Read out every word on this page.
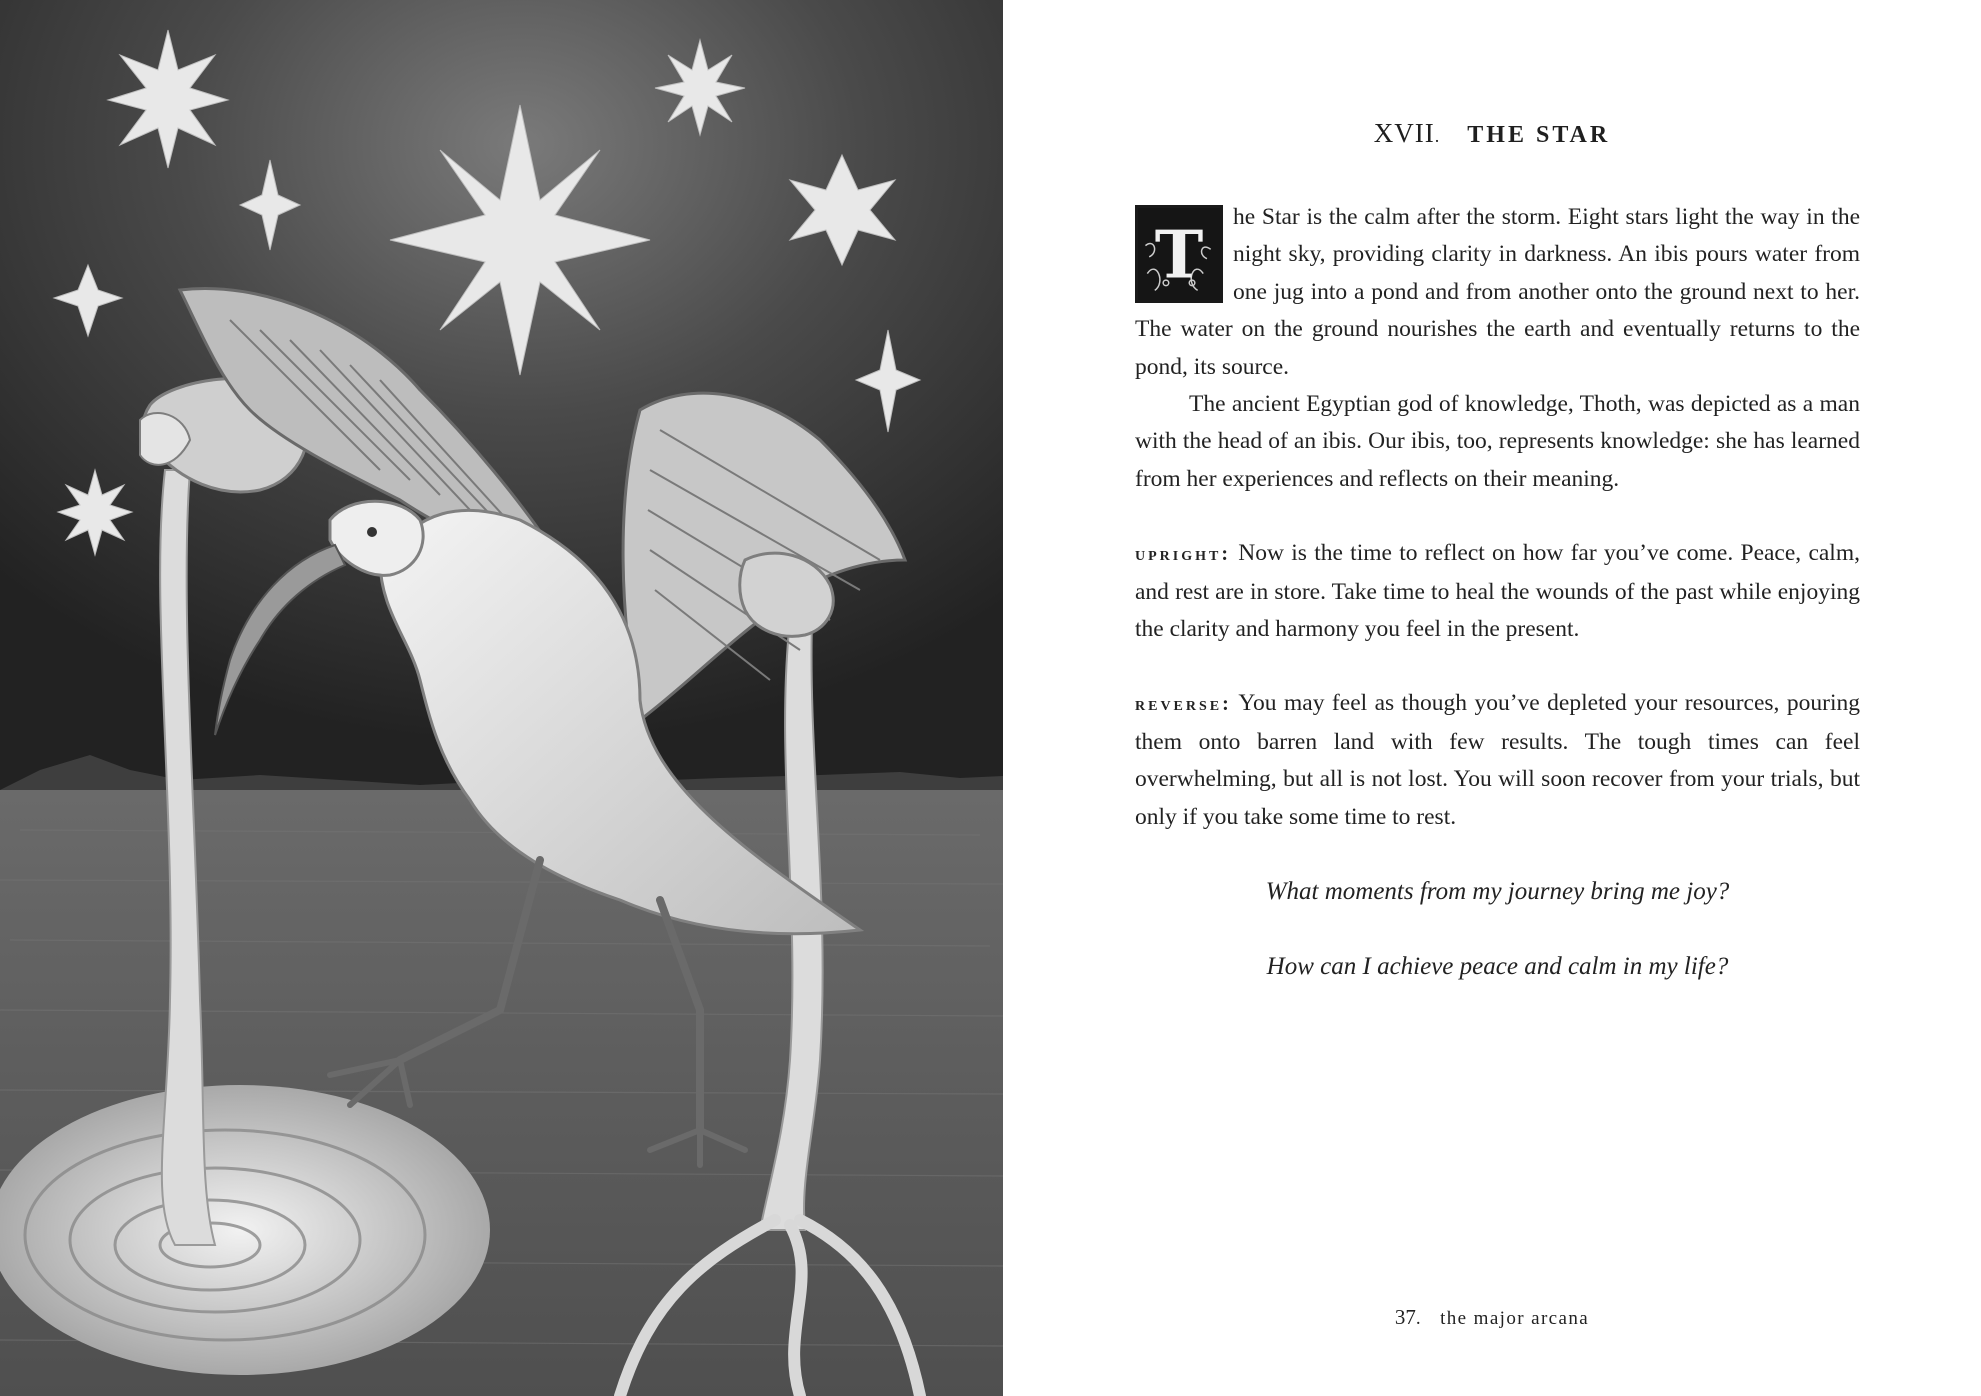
XVII. THE STAR

T
he Star is the calm after the storm. Eight stars light the way in the night sky, providing clarity in darkness. An ibis pours water from one jug into a pond and from another onto the ground next to her. The water on the ground nourishes the earth and eventually returns to the pond, its source.

The ancient Egyptian god of knowledge, Thoth, was depicted as a man with the head of an ibis. Our ibis, too, represents knowledge: she has learned from her experiences and reflects on their meaning.

upright: Now is the time to reflect on how far you’ve come. Peace, calm, and rest are in store. Take time to heal the wounds of the past while enjoying the clarity and harmony you feel in the present.

reverse: You may feel as though you’ve depleted your resources, pouring them onto barren land with few results. The tough times can feel overwhelming, but all is not lost. You will soon recover from your trials, but only if you take some time to rest.

What moments from my journey bring me joy?

How can I achieve peace and calm in my life?

37. the major arcana
